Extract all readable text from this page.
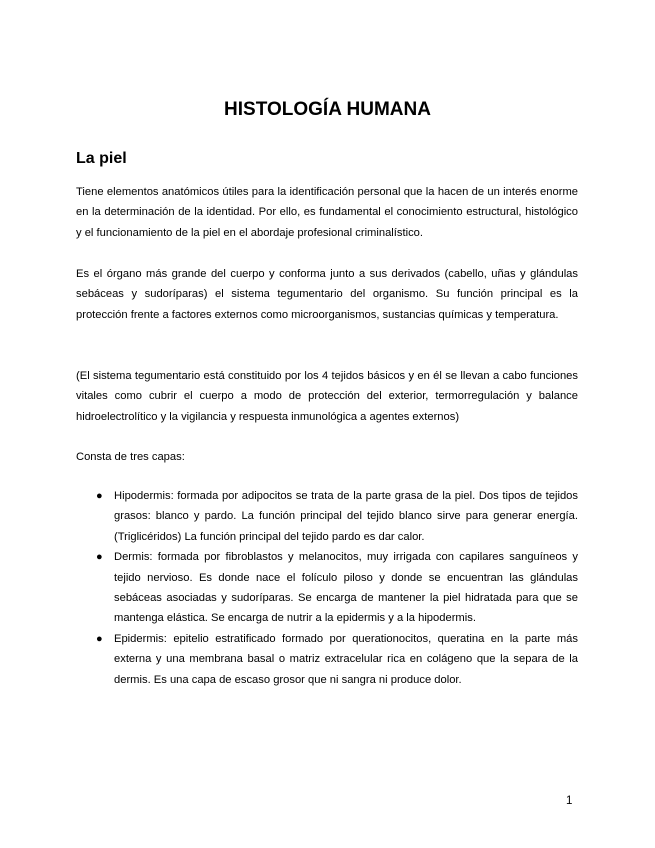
HISTOLOGÍA HUMANA
La piel

Tiene elementos anatómicos útiles para la identificación personal que la hacen de un interés enorme en la determinación de la identidad. Por ello, es fundamental el conocimiento estructural, histológico y el funcionamiento de la piel en el abordaje profesional criminalístico.

Es el órgano más grande del cuerpo y conforma junto a sus derivados (cabello, uñas y glándulas sebáceas y sudoríparas) el sistema tegumentario del organismo. Su función principal es la protección frente a factores externos como microorganismos, sustancias químicas y temperatura.

(El sistema tegumentario está constituido por los 4 tejidos básicos y en él se llevan a cabo funciones vitales como cubrir el cuerpo a modo de protección del exterior, termorregulación y balance hidroelectrolítico y la vigilancia y respuesta inmunológica a agentes externos)

Consta de tres capas:

● Hipodermis: formada por adipocitos se trata de la parte grasa de la piel. Dos tipos de tejidos grasos: blanco y pardo. La función principal del tejido blanco sirve para generar energía. (Triglicéridos) La función principal del tejido pardo es dar calor.
● Dermis: formada por fibroblastos y melanocitos, muy irrigada con capilares sanguíneos y tejido nervioso. Es donde nace el folículo piloso y donde se encuentran las glándulas sebáceas asociadas y sudoríparas. Se encarga de mantener la piel hidratada para que se mantenga elástica. Se encarga de nutrir a la epidermis y a la hipodermis.
● Epidermis: epitelio estratificado formado por querationocitos, queratina en la parte más externa y una membrana basal o matriz extracelular rica en colágeno que la separa de la dermis. Es una capa de escaso grosor que ni sangra ni produce dolor.
1
